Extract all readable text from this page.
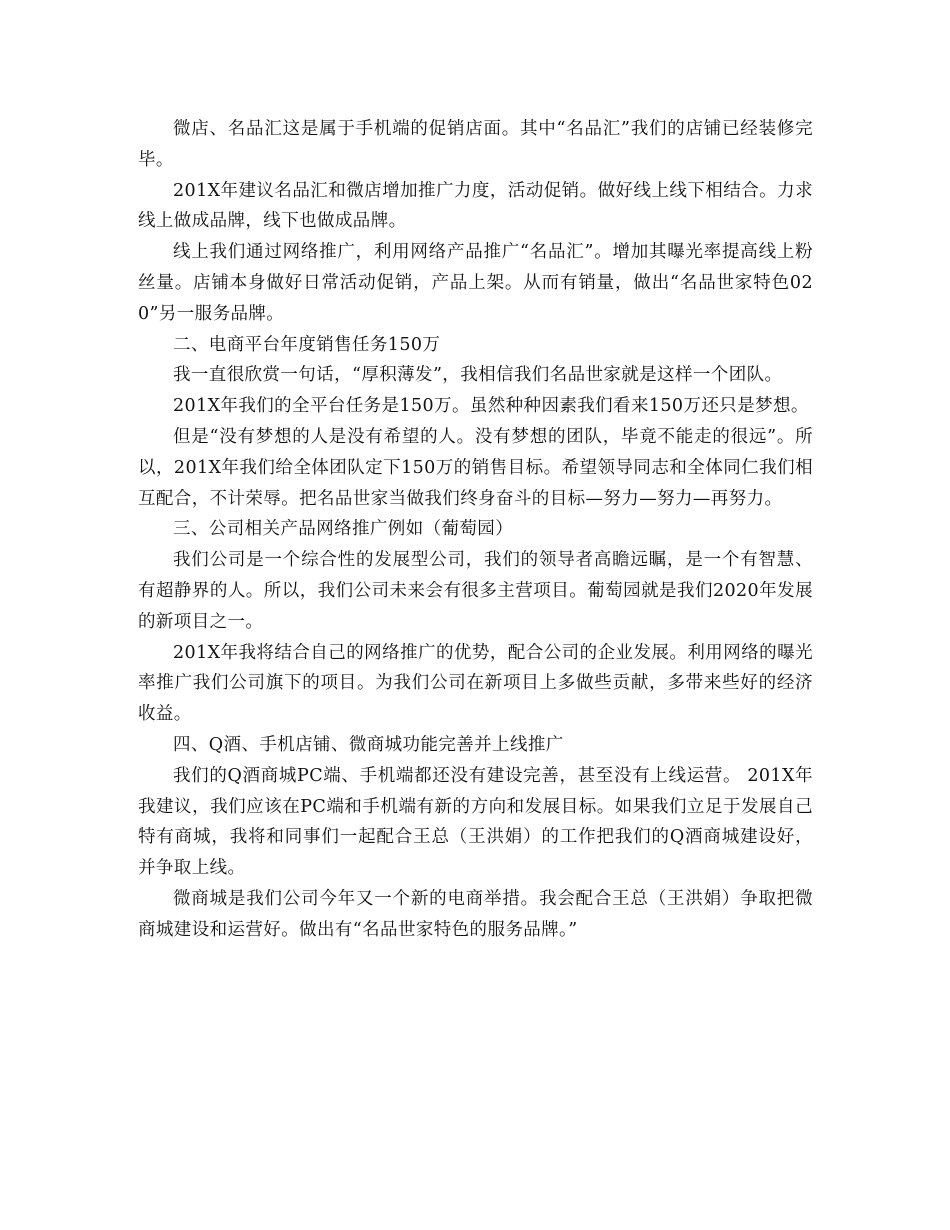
微店、名品汇这是属于手机端的促销店面。其中“名品汇”我们的店铺已经装修完毕。

201X年建议名品汇和微店增加推广力度，活动促销。做好线上线下相结合。力求线上做成品牌，线下也做成品牌。

线上我们通过网络推广，利用网络产品推广“名品汇”。增加其曝光率提高线上粉丝量。店铺本身做好日常活动促销，产品上架。从而有销量，做出“名品世家特色020”另一服务品牌。

二、电商平台年度销售任务150万

我一直很欣赏一句话，“厚积薄发”，我相信我们名品世家就是这样一个团队。

201X年我们的全平台任务是150万。虽然种种因素我们看来150万还只是梦想。

但是“没有梦想的人是没有希望的人。没有梦想的团队，毕竟不能走的很远”。所以，201X年我们给全体团队定下150万的销售目标。希望领导同志和全体同仁我们相互配合，不计荣辱。把名品世家当做我们终身奋斗的目标—努力—努力—再努力。

三、公司相关产品网络推广例如（葡萄园）

我们公司是一个综合性的发展型公司，我们的领导者高瞻远瞩，是一个有智慧、有超静界的人。所以，我们公司未来会有很多主营项目。葡萄园就是我们2020年发展的新项目之一。

201X年我将结合自己的网络推广的优势，配合公司的企业发展。利用网络的曝光率推广我们公司旗下的项目。为我们公司在新项目上多做些贡献，多带来些好的经济收益。

四、Q酒、手机店铺、微商城功能完善并上线推广

我们的Q酒商城PC端、手机端都还没有建设完善，甚至没有上线运营。 201X年我建议，我们应该在PC端和手机端有新的方向和发展目标。如果我们立足于发展自己特有商城，我将和同事们一起配合王总（王洪娟）的工作把我们的Q酒商城建设好，并争取上线。

微商城是我们公司今年又一个新的电商举措。我会配合王总（王洪娟）争取把微商城建设和运营好。做出有“名品世家特色的服务品牌。”
